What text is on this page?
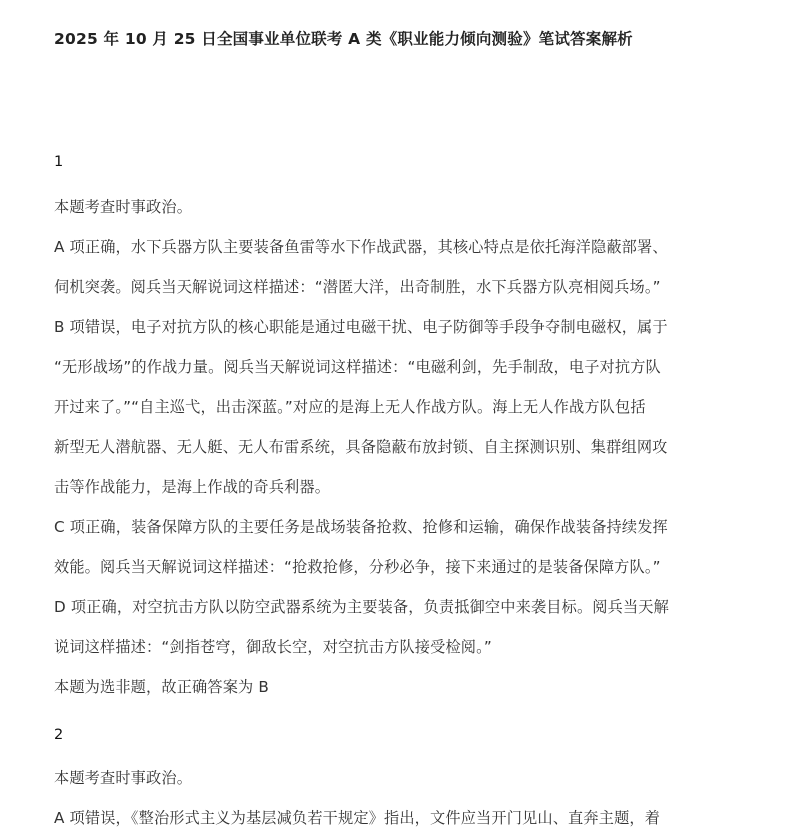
2025 年 10 月 25 日全国事业单位联考 A 类《职业能力倾向测验》笔试答案解析
1
本题考查时事政治。
A 项正确，水下兵器方队主要装备鱼雷等水下作战武器，其核心特点是依托海洋隐蔽部署、
伺机突袭。阅兵当天解说词这样描述：“潜匿大洋，出奇制胜，水下兵器方队亮相阅兵场。”
B 项错误，电子对抗方队的核心职能是通过电磁干扰、电子防御等手段争夺制电磁权，属于
“无形战场”的作战力量。阅兵当天解说词这样描述：“电磁利剑，先手制敌，电子对抗方队
开过来了。”“自主巡弋，出击深蓝。”对应的是海上无人作战方队。海上无人作战方队包括
新型无人潜航器、无人艇、无人布雷系统，具备隐蔽布放封锁、自主探测识别、集群组网攻
击等作战能力，是海上作战的奇兵利器。
C 项正确，装备保障方队的主要任务是战场装备抢救、抢修和运输，确保作战装备持续发挥
效能。阅兵当天解说词这样描述：“抢救抢修，分秒必争，接下来通过的是装备保障方队。”
D 项正确，对空抗击方队以防空武器系统为主要装备，负责抵御空中来袭目标。阅兵当天解
说词这样描述：“剑指苍穹，御敌长空，对空抗击方队接受检阅。”
本题为选非题，故正确答案为 B
2
本题考查时事政治。
A 项错误，《整治形式主义为基层减负若干规定》指出，文件应当开门见山、直奔主题，着
